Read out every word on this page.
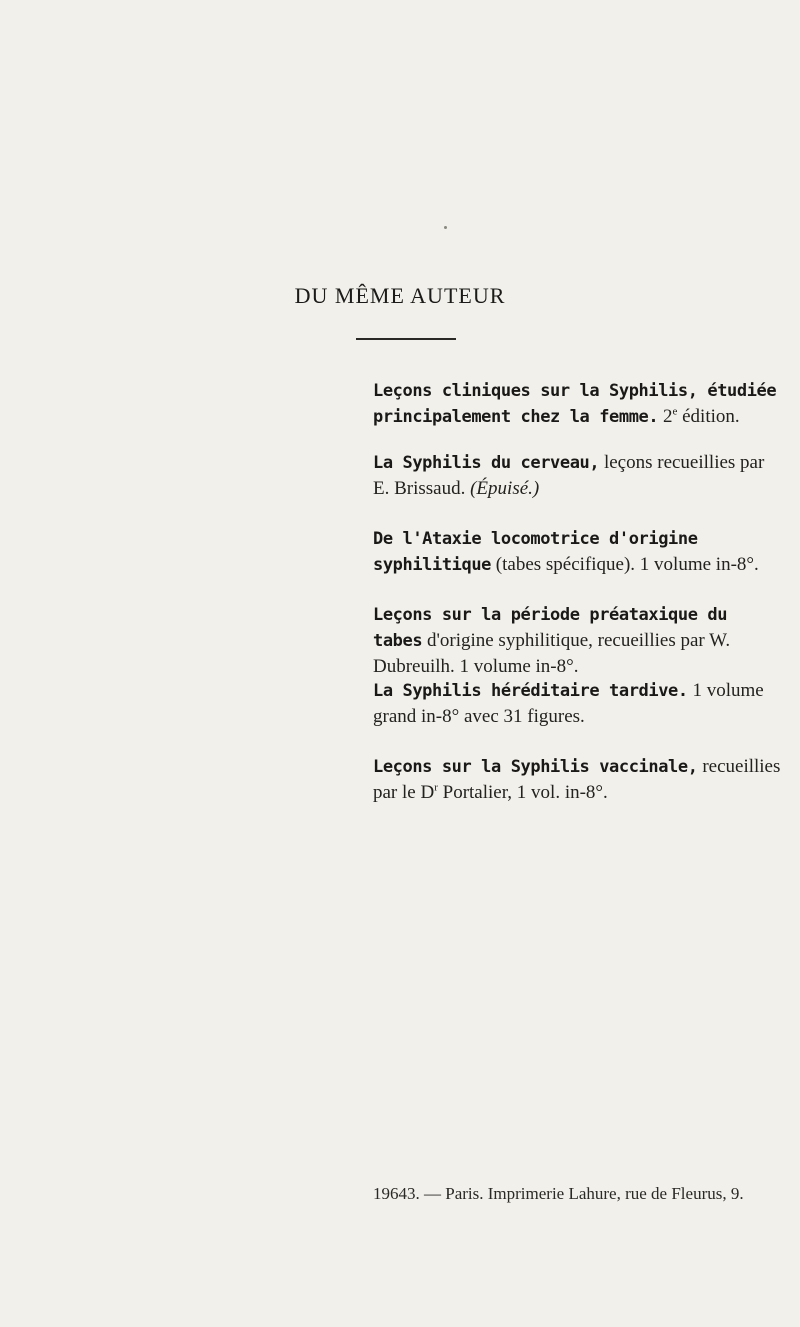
DU MÊME AUTEUR
Leçons cliniques sur la Syphilis, étudiée principalement chez la femme. 2e édition.
La Syphilis du cerveau, leçons recueillies par E. Brissaud. (Épuisé.)
De l'Ataxie locomotrice d'origine syphilitique (tabes spécifique). 1 volume in-8°.
Leçons sur la période préataxique du tabes d'origine syphilitique, recueillies par W. Dubreuilh. 1 volume in-8°.
La Syphilis héréditaire tardive. 1 volume grand in-8° avec 31 figures.
Leçons sur la Syphilis vaccinale, recueillies par le $D^r$ Portalier, 1 vol. in-8°.
19643. — Paris. Imprimerie Lahure, rue de Fleurus, 9.
